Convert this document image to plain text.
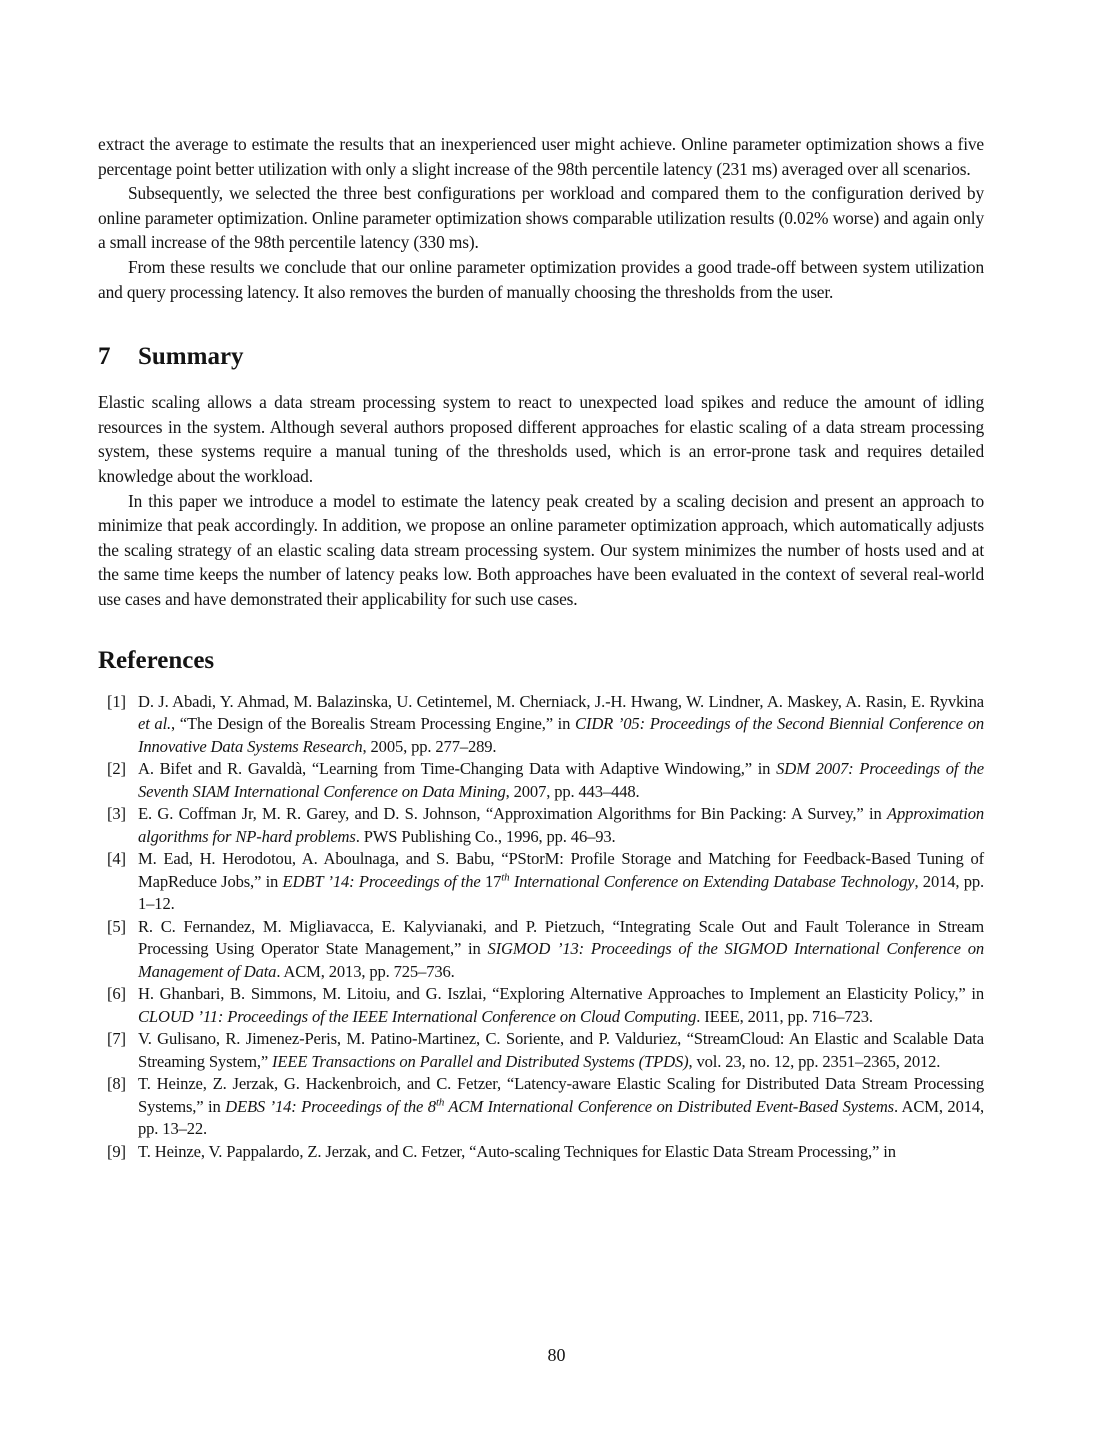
extract the average to estimate the results that an inexperienced user might achieve. Online parameter optimization shows a five percentage point better utilization with only a slight increase of the 98th percentile latency (231 ms) averaged over all scenarios.

Subsequently, we selected the three best configurations per workload and compared them to the configuration derived by online parameter optimization. Online parameter optimization shows comparable utilization results (0.02% worse) and again only a small increase of the 98th percentile latency (330 ms).

From these results we conclude that our online parameter optimization provides a good trade-off between system utilization and query processing latency. It also removes the burden of manually choosing the thresholds from the user.

7 Summary

Elastic scaling allows a data stream processing system to react to unexpected load spikes and reduce the amount of idling resources in the system. Although several authors proposed different approaches for elastic scaling of a data stream processing system, these systems require a manual tuning of the thresholds used, which is an error-prone task and requires detailed knowledge about the workload.

In this paper we introduce a model to estimate the latency peak created by a scaling decision and present an approach to minimize that peak accordingly. In addition, we propose an online parameter optimization approach, which automatically adjusts the scaling strategy of an elastic scaling data stream processing system. Our system minimizes the number of hosts used and at the same time keeps the number of latency peaks low. Both approaches have been evaluated in the context of several real-world use cases and have demonstrated their applicability for such use cases.

References
[1] D. J. Abadi, Y. Ahmad, M. Balazinska, U. Cetintemel, M. Cherniack, J.-H. Hwang, W. Lindner, A. Maskey, A. Rasin, E. Ryvkina et al., “The Design of the Borealis Stream Processing Engine,” in CIDR ’05: Proceedings of the Second Biennial Conference on Innovative Data Systems Research, 2005, pp. 277–289.
[2] A. Bifet and R. Gavaldà, “Learning from Time-Changing Data with Adaptive Windowing,” in SDM 2007: Proceedings of the Seventh SIAM International Conference on Data Mining, 2007, pp. 443–448.
[3] E. G. Coffman Jr, M. R. Garey, and D. S. Johnson, “Approximation Algorithms for Bin Packing: A Survey,” in Approximation algorithms for NP-hard problems. PWS Publishing Co., 1996, pp. 46–93.
[4] M. Ead, H. Herodotou, A. Aboulnaga, and S. Babu, “PStorM: Profile Storage and Matching for Feedback-Based Tuning of MapReduce Jobs,” in EDBT ’14: Proceedings of the 17th International Conference on Extending Database Technology, 2014, pp. 1–12.
[5] R. C. Fernandez, M. Migliavacca, E. Kalyvianaki, and P. Pietzuch, “Integrating Scale Out and Fault Tolerance in Stream Processing Using Operator State Management,” in SIGMOD ’13: Proceedings of the SIGMOD International Conference on Management of Data. ACM, 2013, pp. 725–736.
[6] H. Ghanbari, B. Simmons, M. Litoiu, and G. Iszlai, “Exploring Alternative Approaches to Implement an Elasticity Policy,” in CLOUD ’11: Proceedings of the IEEE International Conference on Cloud Computing. IEEE, 2011, pp. 716–723.
[7] V. Gulisano, R. Jimenez-Peris, M. Patino-Martinez, C. Soriente, and P. Valduriez, “StreamCloud: An Elastic and Scalable Data Streaming System,” IEEE Transactions on Parallel and Distributed Systems (TPDS), vol. 23, no. 12, pp. 2351–2365, 2012.
[8] T. Heinze, Z. Jerzak, G. Hackenbroich, and C. Fetzer, “Latency-aware Elastic Scaling for Distributed Data Stream Processing Systems,” in DEBS ’14: Proceedings of the 8th ACM International Conference on Distributed Event-Based Systems. ACM, 2014, pp. 13–22.
[9] T. Heinze, V. Pappalardo, Z. Jerzak, and C. Fetzer, “Auto-scaling Techniques for Elastic Data Stream Processing,” in
80
